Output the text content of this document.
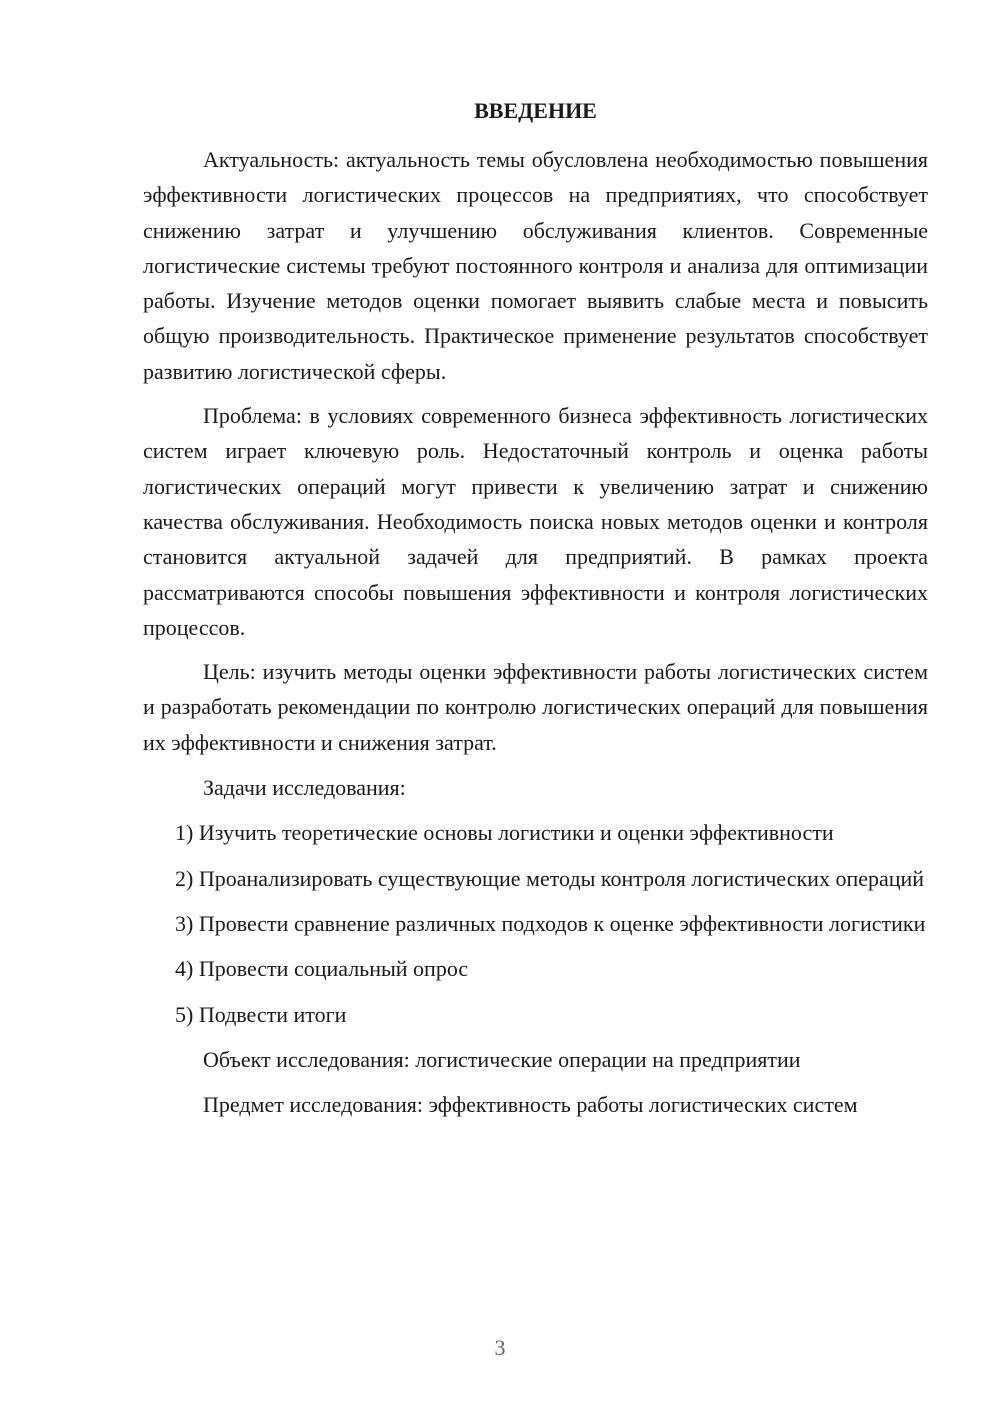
ВВЕДЕНИЕ

Актуальность: актуальность темы обусловлена необходимостью повышения эффективности логистических процессов на предприятиях, что способствует снижению затрат и улучшению обслуживания клиентов. Современные логистические системы требуют постоянного контроля и анализа для оптимизации работы. Изучение методов оценки помогает выявить слабые места и повысить общую производительность. Практическое применение результатов способствует развитию логистической сферы.

Проблема: в условиях современного бизнеса эффективность логистических систем играет ключевую роль. Недостаточный контроль и оценка работы логистических операций могут привести к увеличению затрат и снижению качества обслуживания. Необходимость поиска новых методов оценки и контроля становится актуальной задачей для предприятий. В рамках проекта рассматриваются способы повышения эффективности и контроля логистических процессов.

Цель: изучить методы оценки эффективности работы логистических систем и разработать рекомендации по контролю логистических операций для повышения их эффективности и снижения затрат.

Задачи исследования:

1) Изучить теоретические основы логистики и оценки эффективности

2) Проанализировать существующие методы контроля логистических операций

3) Провести сравнение различных подходов к оценке эффективности логистики

4) Провести социальный опрос

5) Подвести итоги

Объект исследования: логистические операции на предприятии

Предмет исследования: эффективность работы логистических систем

3
